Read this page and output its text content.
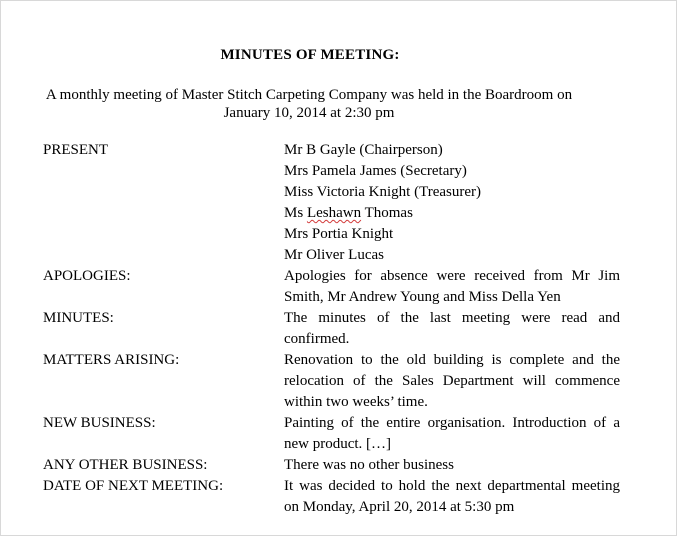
MINUTES OF MEETING:
A monthly meeting of Master Stitch Carpeting Company was held in the Boardroom on
January 10, 2014 at 2:30 pm
PRESENT	Mr B Gayle (Chairperson)
Mrs Pamela James (Secretary)
Miss Victoria Knight (Treasurer)
Ms Leshawn Thomas
Mrs Portia Knight
Mr Oliver Lucas
APOLOGIES:	Apologies for absence were received from Mr Jim Smith, Mr Andrew Young and Miss Della Yen
MINUTES:	The minutes of the last meeting were read and confirmed.
MATTERS ARISING:	Renovation to the old building is complete and the relocation of the Sales Department will commence within two weeks’ time.
NEW BUSINESS:	Painting of the entire organisation. Introduction of a new product. […]
ANY OTHER BUSINESS:	There was no other business
DATE OF NEXT MEETING:	It was decided to hold the next departmental meeting on Monday, April 20, 2014 at 5:30 pm
